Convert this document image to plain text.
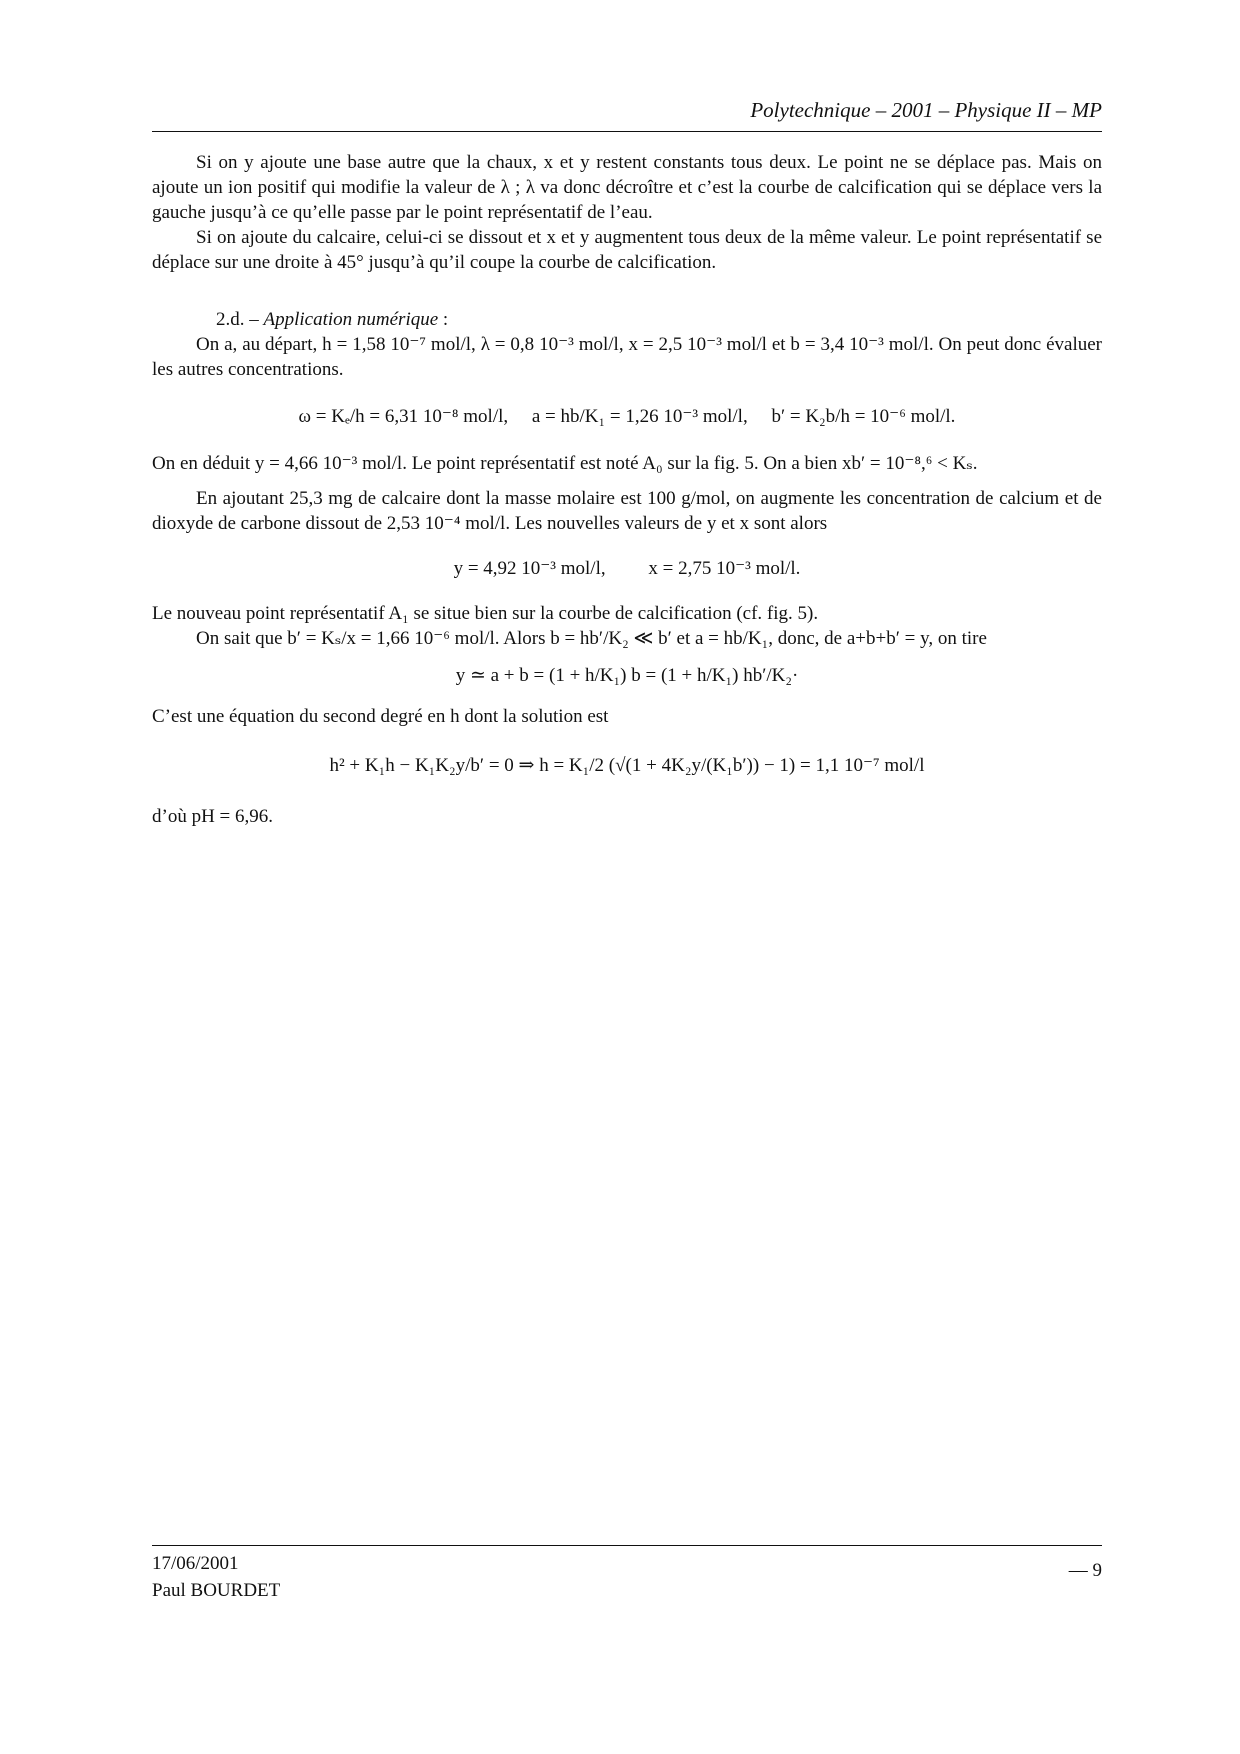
Polytechnique – 2001 – Physique II – MP

Si on y ajoute une base autre que la chaux, x et y restent constants tous deux. Le point ne se déplace pas. Mais on ajoute un ion positif qui modifie la valeur de λ ; λ va donc décroître et c’est la courbe de calcification qui se déplace vers la gauche jusqu’à ce qu’elle passe par le point représentatif de l’eau.

Si on ajoute du calcaire, celui-ci se dissout et x et y augmentent tous deux de la même valeur. Le point représentatif se déplace sur une droite à 45° jusqu’à qu’il coupe la courbe de calcification.

2.d. – Application numérique :

On a, au départ, h = 1,58 10⁻⁷ mol/l, λ = 0,8 10⁻³ mol/l, x = 2,5 10⁻³ mol/l et b = 3,4 10⁻³ mol/l. On peut donc évaluer les autres concentrations.

ω = Kₑ/h = 6,31 10⁻⁸ mol/l, a = hb/K₁ = 1,26 10⁻³ mol/l, b′ = K₂b/h = 10⁻⁶ mol/l.

On en déduit y = 4,66 10⁻³ mol/l. Le point représentatif est noté A₀ sur la fig. 5. On a bien xb′ = 10⁻⁸,⁶ < Kₛ.

En ajoutant 25,3 mg de calcaire dont la masse molaire est 100 g/mol, on augmente les concentration de calcium et de dioxyde de carbone dissout de 2,53 10⁻⁴ mol/l. Les nouvelles valeurs de y et x sont alors

y = 4,92 10⁻³ mol/l, x = 2,75 10⁻³ mol/l.

Le nouveau point représentatif A₁ se situe bien sur la courbe de calcification (cf. fig. 5).

On sait que b′ = Kₛ/x = 1,66 10⁻⁶ mol/l. Alors b = hb′/K₂ ≪ b′ et a = hb/K₁, donc, de a+b+b′ = y, on tire

y ≃ a + b = (1 + h/K₁) b = (1 + h/K₁) hb′/K₂·

C’est une équation du second degré en h dont la solution est

h² + K₁h − K₁K₂y/b′ = 0 ⇒ h = K₁/2 (√(1 + 4K₂y/(K₁b′)) − 1) = 1,1 10⁻⁷ mol/l

d’où pH = 6,96.

17/06/2001
Paul BOURDET
— 9
